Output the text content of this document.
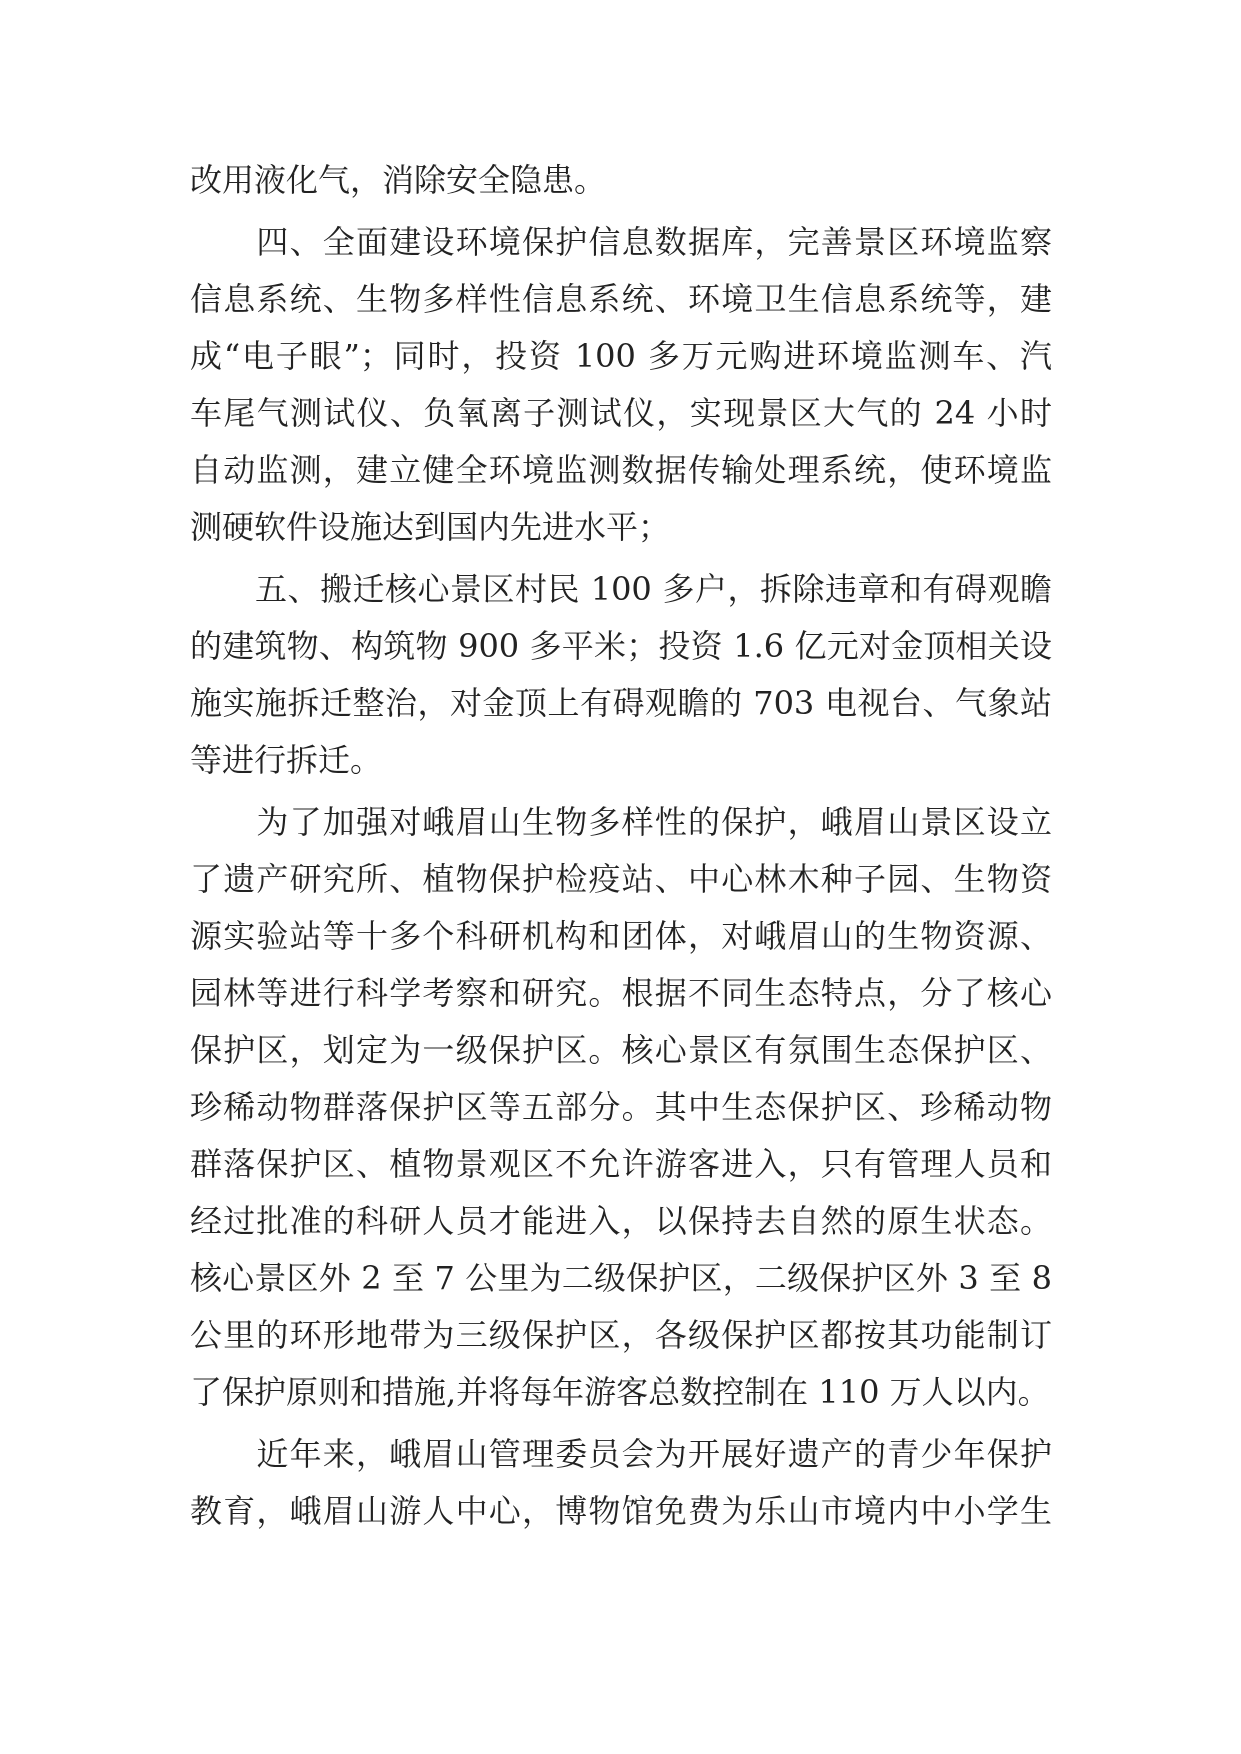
改用液化气，消除安全隐患。
　　四、全面建设环境保护信息数据库，完善景区环境监察
信息系统、生物多样性信息系统、环境卫生信息系统等，建
成“电子眼”；同时，投资 100 多万元购进环境监测车、汽
车尾气测试仪、负氧离子测试仪，实现景区大气的 24 小时
自动监测，建立健全环境监测数据传输处理系统，使环境监
测硬软件设施达到国内先进水平；
　　五、搬迁核心景区村民 100 多户，拆除违章和有碍观瞻
的建筑物、构筑物 900 多平米；投资 1.6 亿元对金顶相关设
施实施拆迁整治，对金顶上有碍观瞻的 703 电视台、气象站
等进行拆迁。
　　为了加强对峨眉山生物多样性的保护，峨眉山景区设立
了遗产研究所、植物保护检疫站、中心林木种子园、生物资
源实验站等十多个科研机构和团体，对峨眉山的生物资源、
园林等进行科学考察和研究。根据不同生态特点，分了核心
保护区，划定为一级保护区。核心景区有氛围生态保护区、
珍稀动物群落保护区等五部分。其中生态保护区、珍稀动物
群落保护区、植物景观区不允许游客进入，只有管理人员和
经过批准的科研人员才能进入，以保持去自然的原生状态。
核心景区外 2 至 7 公里为二级保护区，二级保护区外 3 至 8
公里的环形地带为三级保护区，各级保护区都按其功能制订
了保护原则和措施,并将每年游客总数控制在 110 万人以内。
　　近年来，峨眉山管理委员会为开展好遗产的青少年保护
教育，峨眉山游人中心，博物馆免费为乐山市境内中小学生
